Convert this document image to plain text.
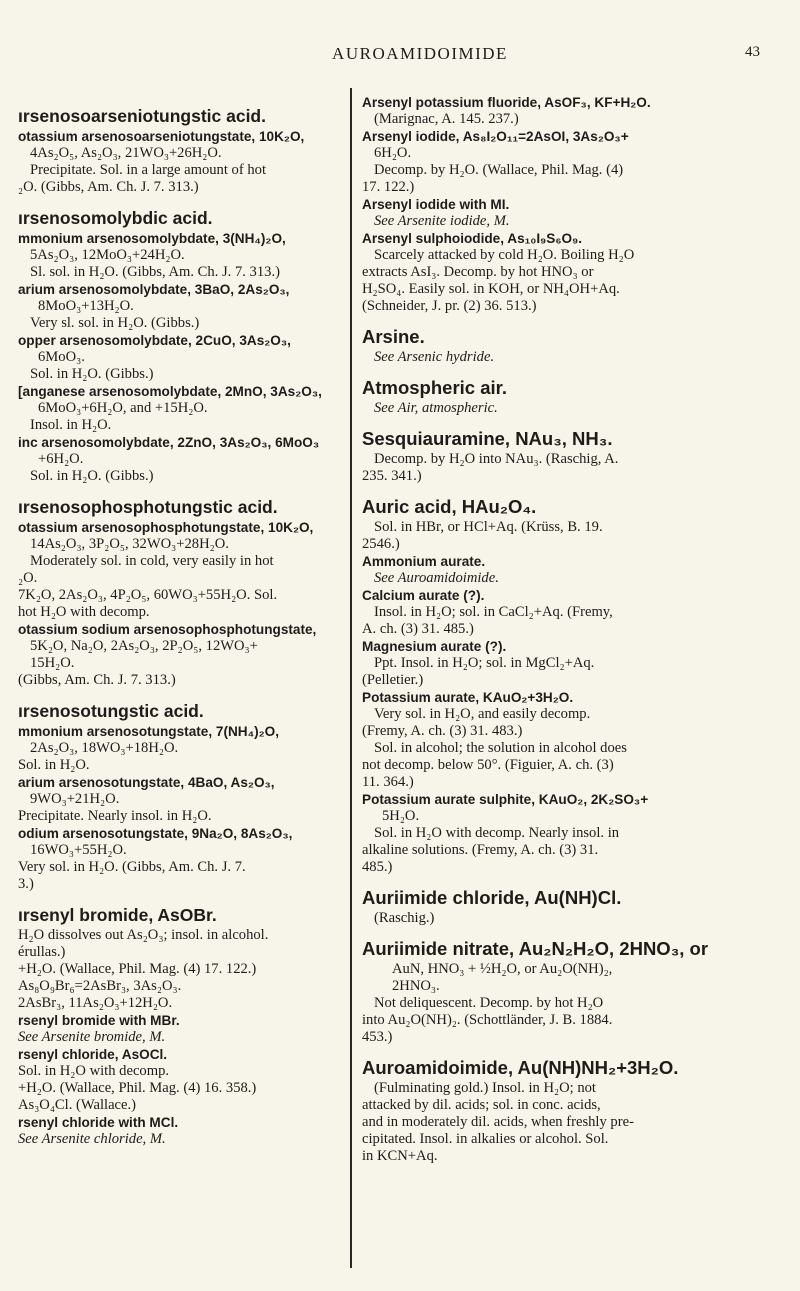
AUROAMIDOIMIDE	43
ırsenosoarseniotungstic acid.
otassium arsenosoarseniotungstate, 10K₂O,
4As₂O₅, As₂O₃, 21WO₃+26H₂O.
Precipitate. Sol. in a large amount of hot
₂O. (Gibbs, Am. Ch. J. 7. 313.)
ırsenosomolybdic acid.
mmonium arsenosomolybdate, 3(NH₄)₂O,
5As₂O₃, 12MoO₃+24H₂O.
Sl. sol. in H₂O. (Gibbs, Am. Ch. J. 7. 313.)
arium arsenosomolybdate, 3BaO, 2As₂O₃,
8MoO₃+13H₂O.
Very sl. sol. in H₂O. (Gibbs.)
opper arsenosomolybdate, 2CuO, 3As₂O₃,
6MoO₃.
Sol. in H₂O. (Gibbs.)
[anganese arsenosomolybdate, 2MnO, 3As₂O₃,
6MoO₃+6H₂O, and +15H₂O.
Insol. in H₂O.
inc arsenosomolybdate, 2ZnO, 3As₂O₃, 6MoO₃
+6H₂O.
Sol. in H₂O. (Gibbs.)
ırsenosophosphotungstic acid.
otassium arsenosophosphotungstate, 10K₂O,
14As₂O₃, 3P₂O₅, 32WO₃+28H₂O.
Moderately sol. in cold, very easily in hot
₂O.
7K₂O, 2As₂O₃, 4P₂O₅, 60WO₃+55H₂O. Sol.
hot H₂O with decomp.
otassium sodium arsenosophosphotungstate,
5K₂O, Na₂O, 2As₂O₃, 2P₂O₅, 12WO₃+
15H₂O.
(Gibbs, Am. Ch. J. 7. 313.)
ırsenosotungstic acid.
mmonium arsenosotungstate, 7(NH₄)₂O,
2As₂O₃, 18WO₃+18H₂O.
Sol. in H₂O.
arium arsenosotungstate, 4BaO, As₂O₃,
9WO₃+21H₂O.
Precipitate. Nearly insol. in H₂O.
odium arsenosotungstate, 9Na₂O, 8As₂O₃,
16WO₃+55H₂O.
Very sol. in H₂O. (Gibbs, Am. Ch. J. 7.
3.)
ırsenyl bromide, AsOBr.
H₂O dissolves out As₂O₃; insol. in alcohol.
érullas.)
+H₂O. (Wallace, Phil. Mag. (4) 17. 122.)
As₈O₉Br₆=2AsBr₃, 3As₂O₃.
2AsBr₃, 11As₂O₃+12H₂O.
rsenyl bromide with MBr.
See Arsenite bromide, M.
rsenyl chloride, AsOCl.
Sol. in H₂O with decomp.
+H₂O. (Wallace, Phil. Mag. (4) 16. 358.)
As₃O₄Cl. (Wallace.)
rsenyl chloride with MCl.
See Arsenite chloride, M.
Arsenyl potassium fluoride, AsOF₃, KF+H₂O.
(Marignac, A. 145. 237.)
Arsenyl iodide, As₈I₂O₁₁=2AsOI, 3As₂O₃+
6H₂O.
Decomp. by H₂O. (Wallace, Phil. Mag. (4)
17. 122.)
Arsenyl iodide with MI.
See Arsenite iodide, M.
Arsenyl sulphoiodide, As₁₀I₉S₆O₉.
Scarcely attacked by cold H₂O. Boiling H₂O
extracts AsI₃. Decomp. by hot HNO₃ or
H₂SO₄. Easily sol. in KOH, or NH₄OH+Aq.
(Schneider, J. pr. (2) 36. 513.)
Arsine.
See Arsenic hydride.
Atmospheric air.
See Air, atmospheric.
Sesquiauramine, NAu₃, NH₃.
Decomp. by H₂O into NAu₃. (Raschig, A.
235. 341.)
Auric acid, HAu₂O₄.
Sol. in HBr, or HCl+Aq. (Krüss, B. 19.
2546.)
Ammonium aurate.
See Auroamidoimide.
Calcium aurate (?).
Insol. in H₂O; sol. in CaCl₂+Aq. (Fremy,
A. ch. (3) 31. 485.)
Magnesium aurate (?).
Ppt. Insol. in H₂O; sol. in MgCl₂+Aq.
(Pelletier.)
Potassium aurate, KAuO₂+3H₂O.
Very sol. in H₂O, and easily decomp.
(Fremy, A. ch. (3) 31. 483.)
Sol. in alcohol; the solution in alcohol does
not decomp. below 50°. (Figuier, A. ch. (3)
11. 364.)
Potassium aurate sulphite, KAuO₂, 2K₂SO₃+
5H₂O.
Sol. in H₂O with decomp. Nearly insol. in
alkaline solutions. (Fremy, A. ch. (3) 31.
485.)
Auriimide chloride, Au(NH)Cl.
(Raschig.)
Auriimide nitrate, Au₂N₂H₂O, 2HNO₃, or
AuN, HNO₃ + ½H₂O, or Au₂O(NH)₂,
2HNO₃.
Not deliquescent. Decomp. by hot H₂O
into Au₂O(NH)₂. (Schottländer, J. B. 1884.
453.)
Auroamidoimide, Au(NH)NH₂+3H₂O.
(Fulminating gold.) Insol. in H₂O; not
attacked by dil. acids; sol. in conc. acids,
and in moderately dil. acids, when freshly pre-
cipitated. Insol. in alkalies or alcohol. Sol.
in KCN+Aq.
